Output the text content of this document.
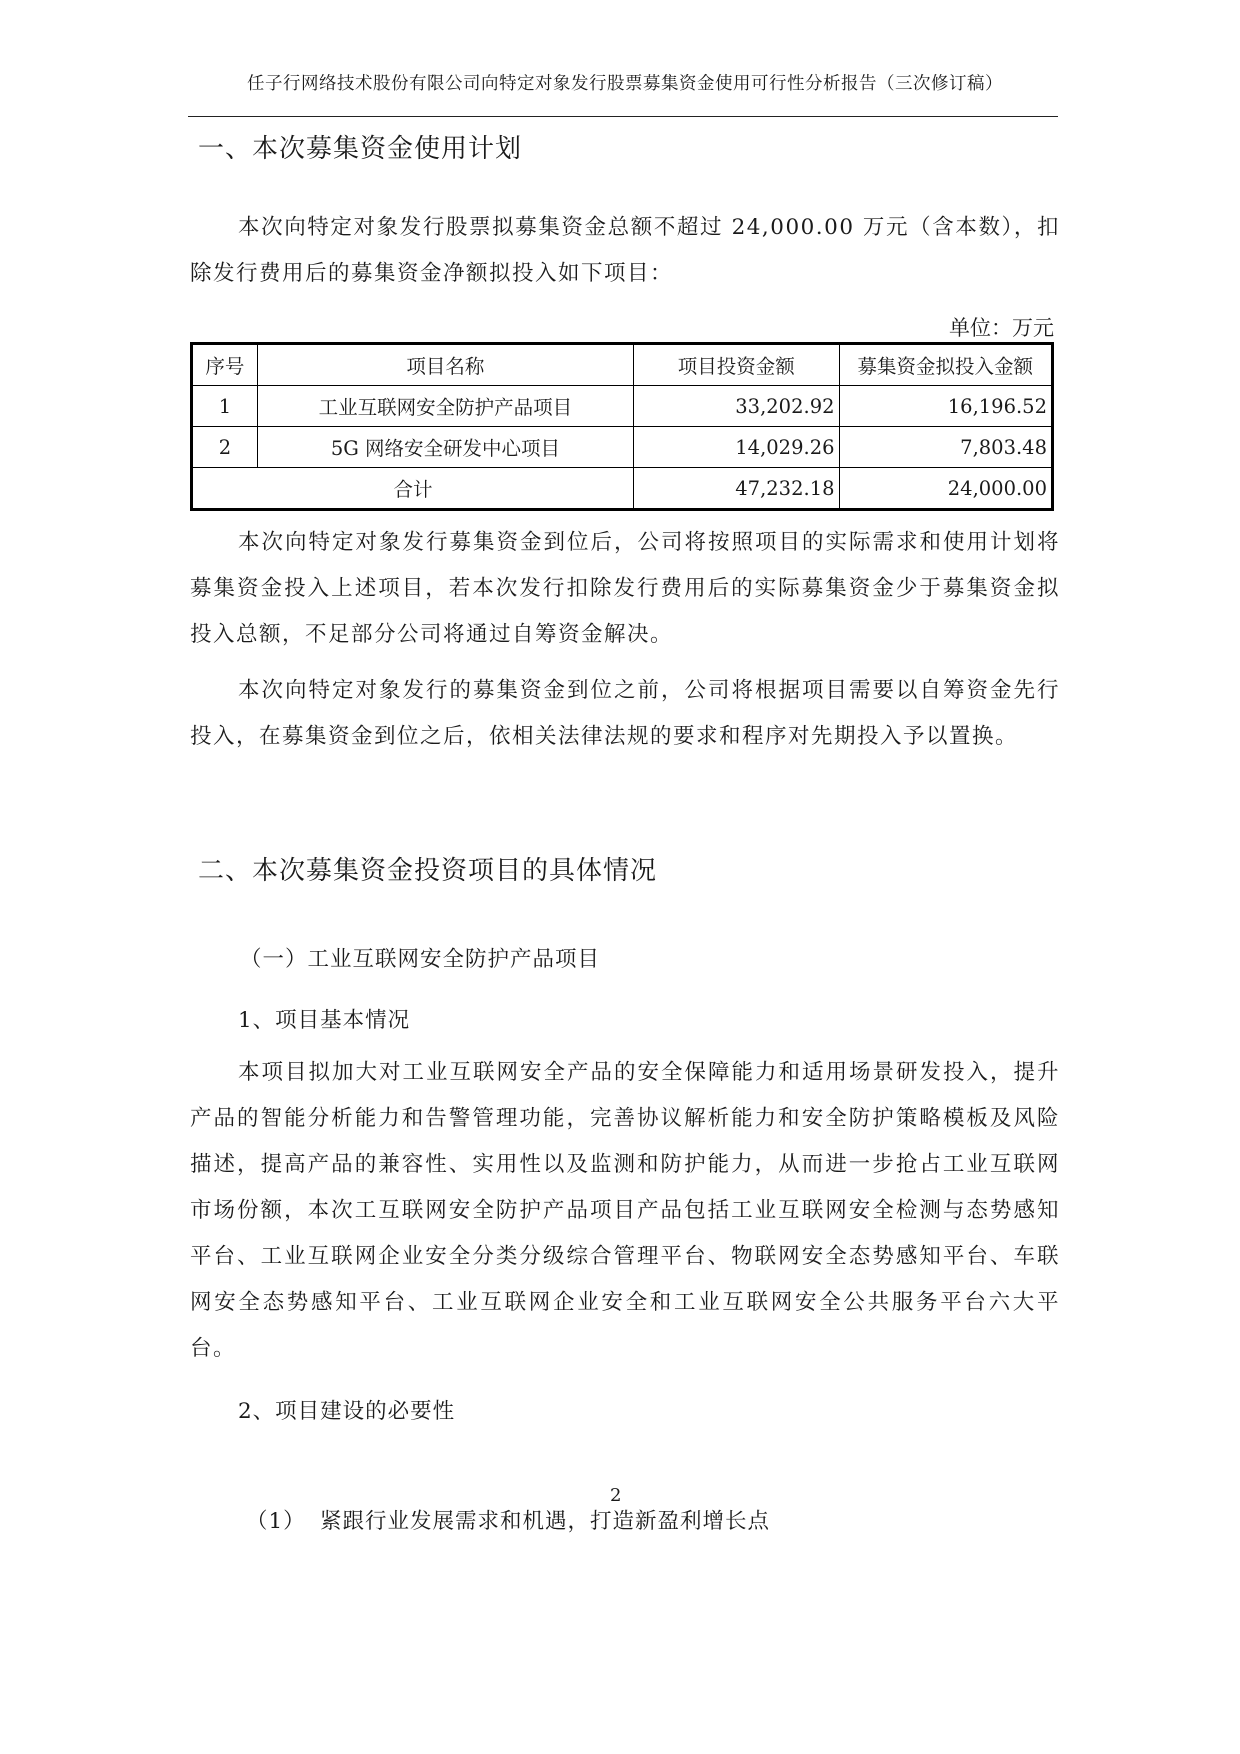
任子行网络技术股份有限公司向特定对象发行股票募集资金使用可行性分析报告（三次修订稿）
一、本次募集资金使用计划
本次向特定对象发行股票拟募集资金总额不超过 24,000.00 万元（含本数），扣除发行费用后的募集资金净额拟投入如下项目：
单位：万元
序号	项目名称	项目投资金额	募集资金拟投入金额
1	工业互联网安全防护产品项目	33,202.92	16,196.52
2	5G 网络安全研发中心项目	14,029.26	7,803.48
合计		47,232.18	24,000.00
本次向特定对象发行募集资金到位后，公司将按照项目的实际需求和使用计划将募集资金投入上述项目，若本次发行扣除发行费用后的实际募集资金少于募集资金拟投入总额，不足部分公司将通过自筹资金解决。
本次向特定对象发行的募集资金到位之前，公司将根据项目需要以自筹资金先行投入，在募集资金到位之后，依相关法律法规的要求和程序对先期投入予以置换。
二、本次募集资金投资项目的具体情况
（一）工业互联网安全防护产品项目
1、项目基本情况
本项目拟加大对工业互联网安全产品的安全保障能力和适用场景研发投入，提升产品的智能分析能力和告警管理功能，完善协议解析能力和安全防护策略模板及风险描述，提高产品的兼容性、实用性以及监测和防护能力，从而进一步抢占工业互联网市场份额，本次工互联网安全防护产品项目产品包括工业互联网安全检测与态势感知平台、工业互联网企业安全分类分级综合管理平台、物联网安全态势感知平台、车联网安全态势感知平台、工业互联网企业安全和工业互联网安全公共服务平台六大平台。
2、项目建设的必要性
2
（1） 紧跟行业发展需求和机遇，打造新盈利增长点
